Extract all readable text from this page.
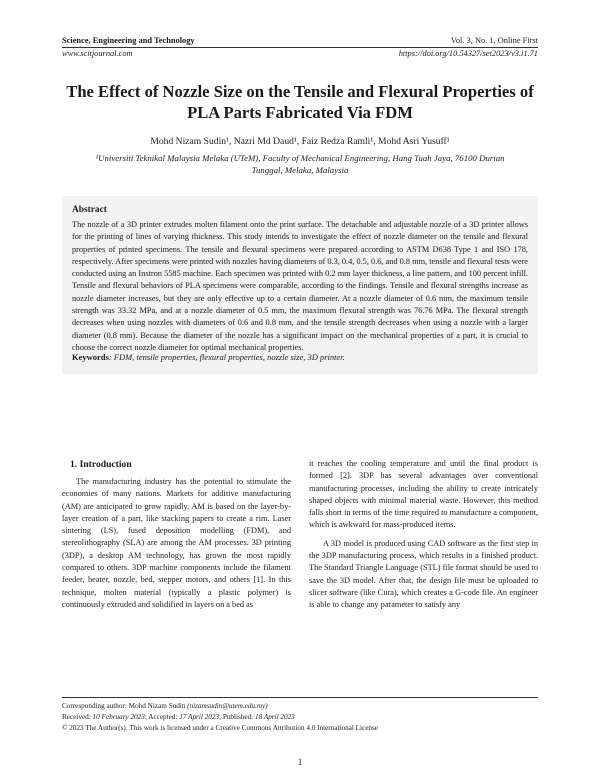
Science, Engineering and Technology	Vol. 3, No. 1, Online First
www.scitjournal.com	https://doi.org/10.54327/set2023/v3.i1.71
The Effect of Nozzle Size on the Tensile and Flexural Properties of PLA Parts Fabricated Via FDM
Mohd Nizam Sudin¹, Nazri Md Daud¹, Faiz Redza Ramli¹, Mohd Asri Yusuff¹
¹Universiti Teknikal Malaysia Melaka (UTeM), Faculty of Mechanical Engineering, Hang Tuah Jaya, 76100 Durian Tunggal, Melaka, Malaysia
Abstract
The nozzle of a 3D printer extrudes molten filament onto the print surface. The detachable and adjustable nozzle of a 3D printer allows for the printing of lines of varying thickness. This study intends to investigate the effect of nozzle diameter on the tensile and flexural properties of printed specimens. The tensile and flexural specimens were prepared according to ASTM D638 Type 1 and ISO 178, respectively. After specimens were printed with nozzles having diameters of 0.3, 0.4, 0.5, 0.6, and 0.8 mm, tensile and flexural tests were conducted using an Instron 5585 machine. Each specimen was printed with 0.2 mm layer thickness, a line pattern, and 100 percent infill. Tensile and flexural behaviors of PLA specimens were comparable, according to the findings. Tensile and flexural strengths increase as nozzle diameter increases, but they are only effective up to a certain diameter. At a nozzle diameter of 0.6 mm, the maximum tensile strength was 33.32 MPa, and at a nozzle diameter of 0.5 mm, the maximum flexural strength was 76.76 MPa. The flexural strength decreases when using nozzles with diameters of 0.6 and 0.8 mm, and the tensile strength decreases when using a nozzle with a larger diameter (0.8 mm). Because the diameter of the nozzle has a significant impact on the mechanical properties of a part, it is crucial to choose the correct nozzle diameter for optimal mechanical properties.
Keywords: FDM, tensile properties, flexural properties, nozzle size, 3D printer.
1. Introduction
The manufacturing industry has the potential to stimulate the economies of many nations. Markets for additive manufacturing (AM) are anticipated to grow rapidly. AM is based on the layer-by-layer creation of a part, like stacking papers to create a rim. Laser sintering (LS), fused deposition modelling (FDM), and stereolithography (SLA) are among the AM processes. 3D printing (3DP), a desktop AM technology, has grown the most rapidly compared to others. 3DP machine components include the filament feeder, heater, nozzle, bed, stepper motors, and others [1]. In this technique, molten material (typically a plastic polymer) is continuously extruded and solidified in layers on a bed as

it reaches the cooling temperature and until the final product is formed [2]. 3DP has several advantages over conventional manufacturing processes, including the ability to create intricately shaped objects with minimal material waste. However, this method falls short in terms of the time required to manufacture a component, which is awkward for mass-produced items.

A 3D model is produced using CAD software as the first step in the 3DP manufacturing process, which results in a finished product. The Standard Triangle Language (STL) file format should be used to save the 3D model. After that, the design file must be uploaded to slicer software (like Cura), which creates a G-code file. An engineer is able to change any parameter to satisfy any

Corresponding author: Mohd Nizam Sudin (nizamsudin@utem.edu.my)
Received: 10 February 2023; Accepted: 17 April 2023; Published: 18 April 2023
© 2023 The Author(s). This work is licensed under a Creative Commons Attribution 4.0 International License
1
